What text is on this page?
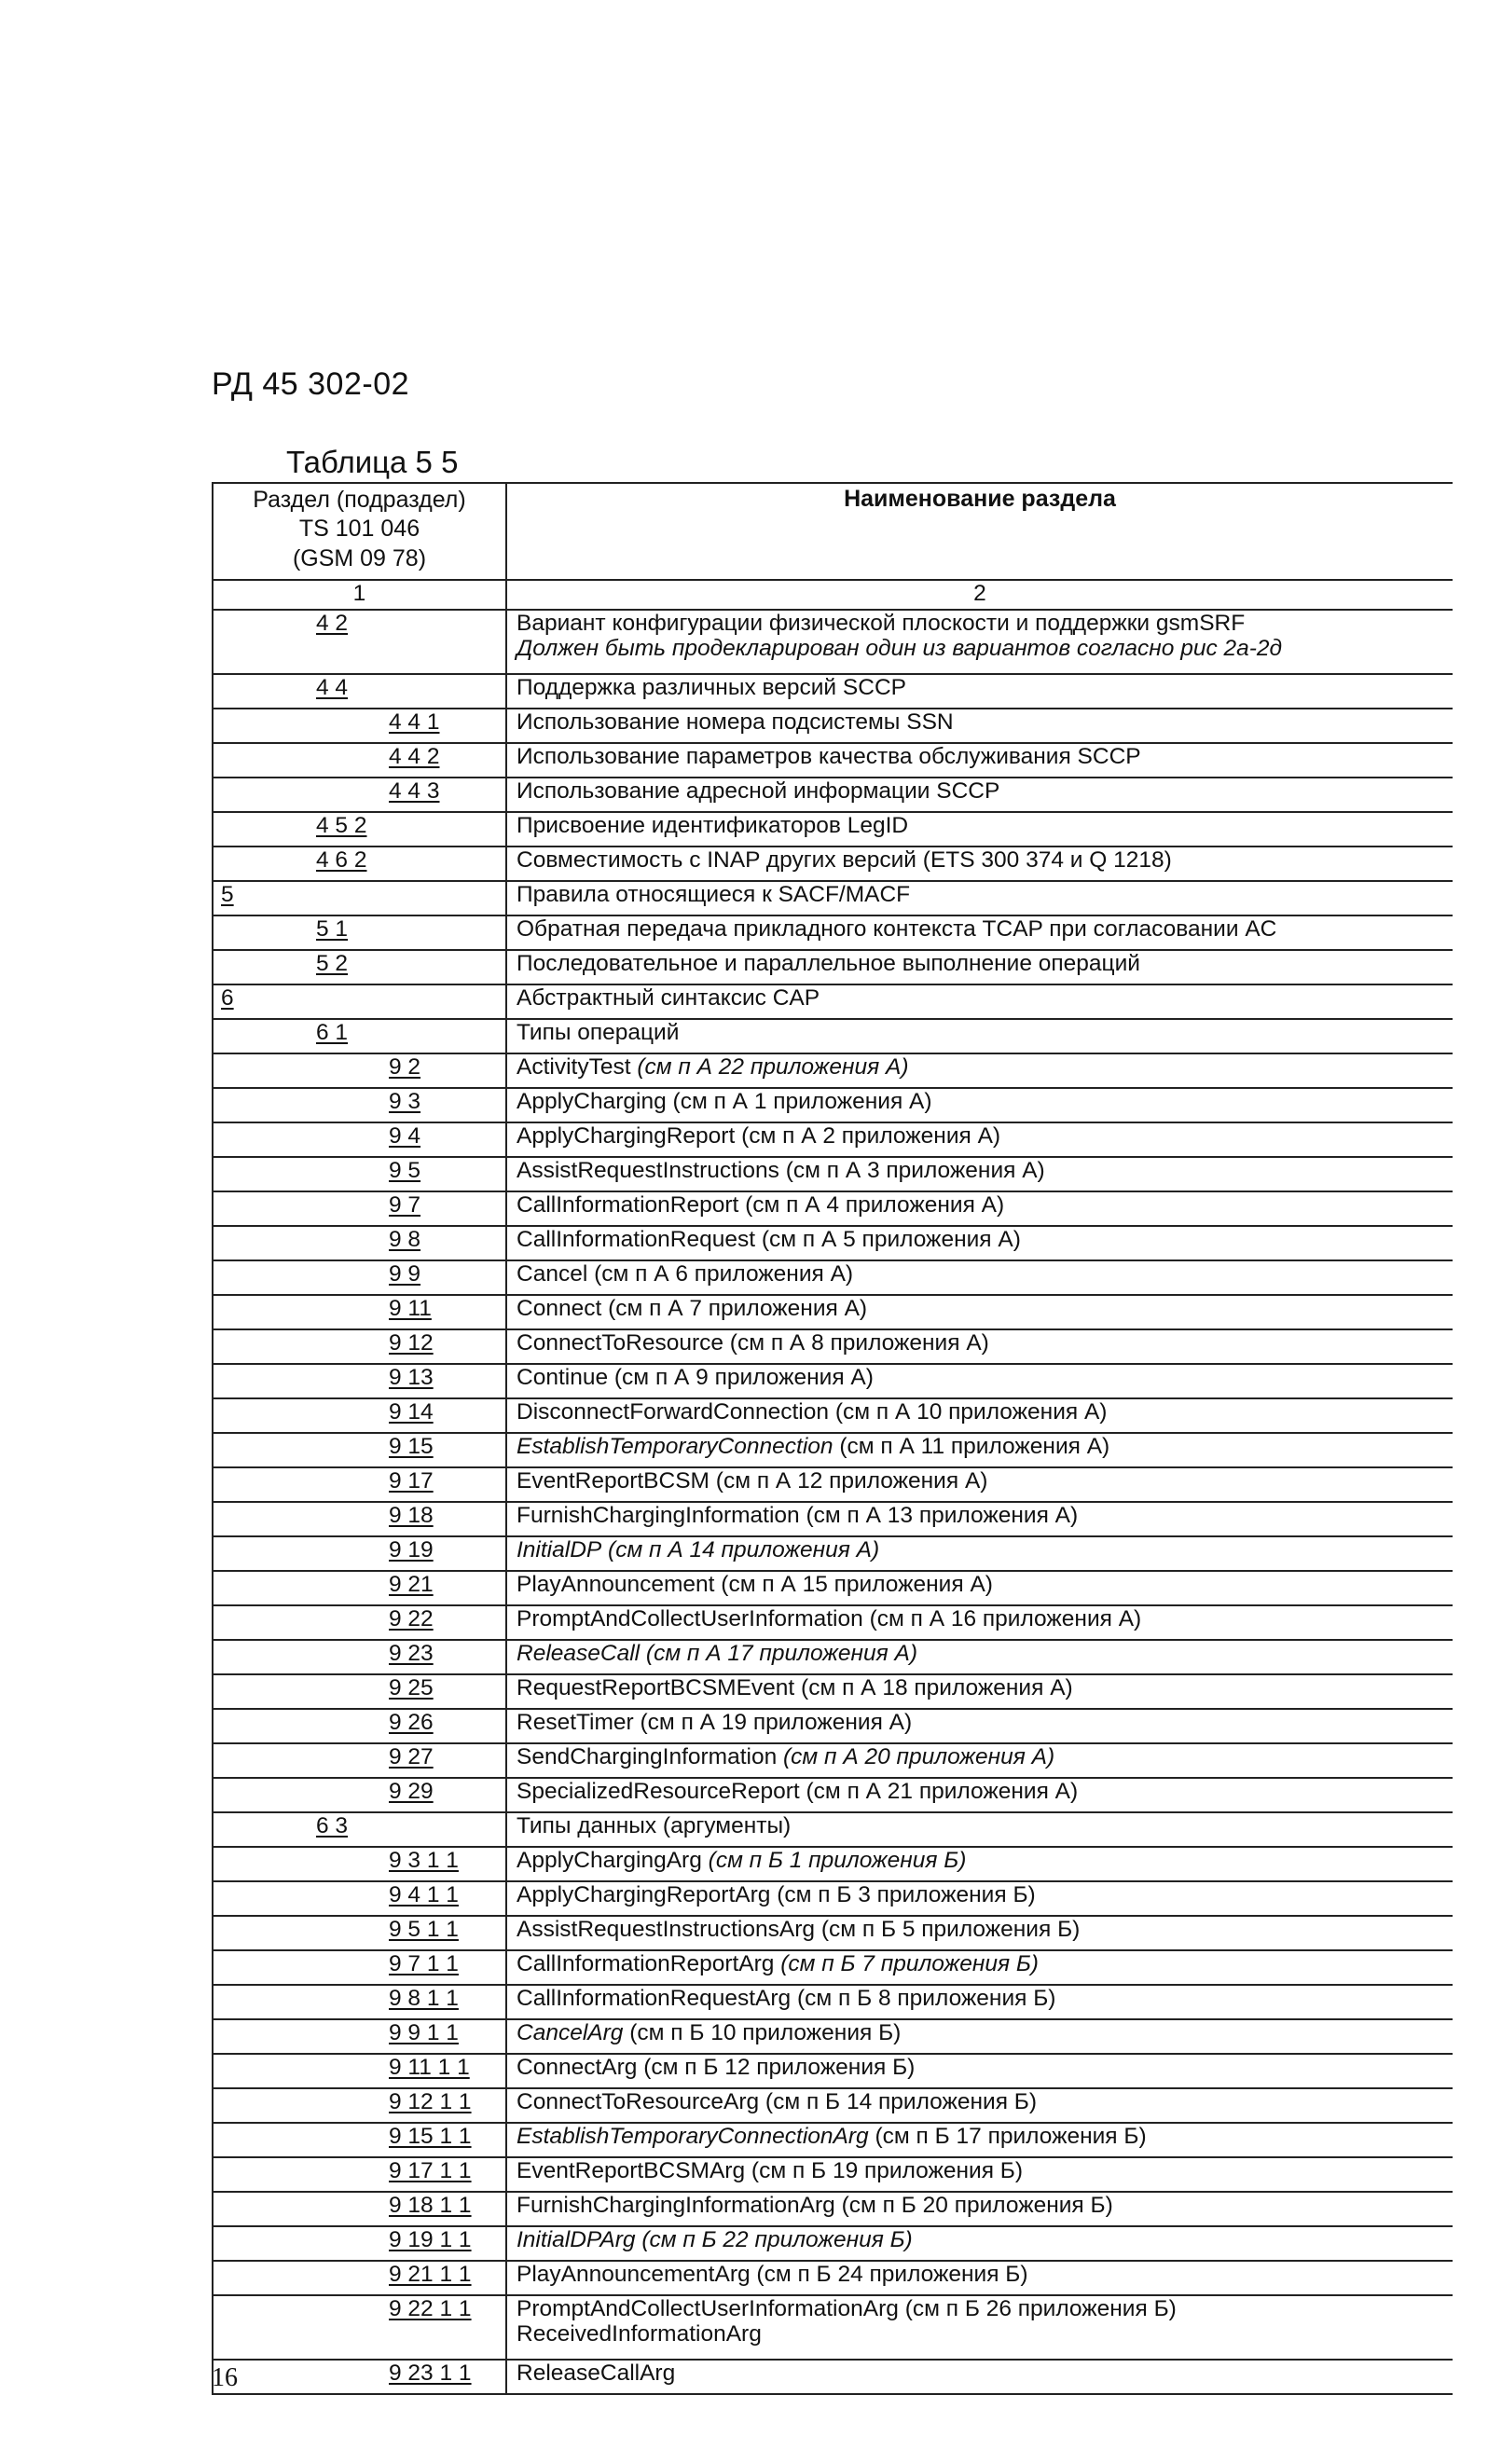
РД 45 302-02
Таблица 5 5
Раздел (подраздел)
TS 101 046
(GSM 09 78)	Наименование раздела
1	2
4 2	Вариант конфигурации физической плоскости и поддержки gsmSRF
Должен быть продекларирован один из вариантов согласно рис 2а-2д

4 4	Поддержка различных версий SCCP
4 4 1	Использование номера подсистемы SSN
4 4 2	Использование параметров качества обслуживания SCCP
4 4 3	Использование адресной информации SCCP
4 5 2	Присвоение идентификаторов LegID
4 6 2	Совместимость с INAP других версий (ETS 300 374 и Q 1218)
5	Правила относящиеся к SACF/MACF
5 1	Обратная передача прикладного контекста TCAP при согласовании AC
5 2	Последовательное и параллельное выполнение операций
6	Абстрактный синтаксис CAP
6 1	Типы операций
9 2	ActivityTest (см п А 22 приложения А)
9 3	ApplyCharging (см п А 1 приложения А)
9 4	ApplyChargingReport (см п А 2 приложения А)
9 5	AssistRequestInstructions (см п А 3 приложения А)
9 7	CallInformationReport (см п А 4 приложения А)
9 8	CallInformationRequest (см п А 5 приложения А)
9 9	Cancel (см п А 6 приложения А)
9 11	Connect (см п А 7 приложения А)
9 12	ConnectToResource (см п А 8 приложения А)
9 13	Continue (см п А 9 приложения А)
9 14	DisconnectForwardConnection (см п А 10 приложения А)
9 15	EstablishTemporaryConnection (см п А 11 приложения А)
9 17	EventReportBCSM (см п А 12 приложения А)
9 18	FurnishChargingInformation (см п А 13 приложения А)
9 19	InitialDP (см п А 14 приложения А)
9 21	PlayAnnouncement (см п А 15 приложения А)
9 22	PromptAndCollectUserInformation (см п А 16 приложения А)
9 23	ReleaseCall (см п А 17 приложения А)
9 25	RequestReportBCSMEvent (см п А 18 приложения А)
9 26	ResetTimer (см п А 19 приложения А)
9 27	SendChargingInformation (см п А 20 приложения А)
9 29	SpecializedResourceReport (см п А 21 приложения А)
6 3	Типы данных (аргументы)
9 3 1 1	ApplyChargingArg (см п Б 1 приложения Б)
9 4 1 1	ApplyChargingReportArg (см п Б 3 приложения Б)
9 5 1 1	AssistRequestInstructionsArg (см п Б 5 приложения Б)
9 7 1 1	CallInformationReportArg (см п Б 7 приложения Б)
9 8 1 1	CallInformationRequestArg (см п Б 8 приложения Б)
9 9 1 1	CancelArg (см п Б 10 приложения Б)
9 11 1 1	ConnectArg (см п Б 12 приложения Б)
9 12 1 1	ConnectToResourceArg (см п Б 14 приложения Б)
9 15 1 1	EstablishTemporaryConnectionArg (см п Б 17 приложения Б)
9 17 1 1	EventReportBCSMArg (см п Б 19 приложения Б)
9 18 1 1	FurnishChargingInformationArg (см п Б 20 приложения Б)
9 19 1 1	InitialDPArg (см п Б 22 приложения Б)
9 21 1 1	PlayAnnouncementArg (см п Б 24 приложения Б)
9 22 1 1	PromptAndCollectUserInformationArg (см п Б 26 приложения Б)
ReceivedInformationArg

9 23 1 1	ReleaseCallArg
16
